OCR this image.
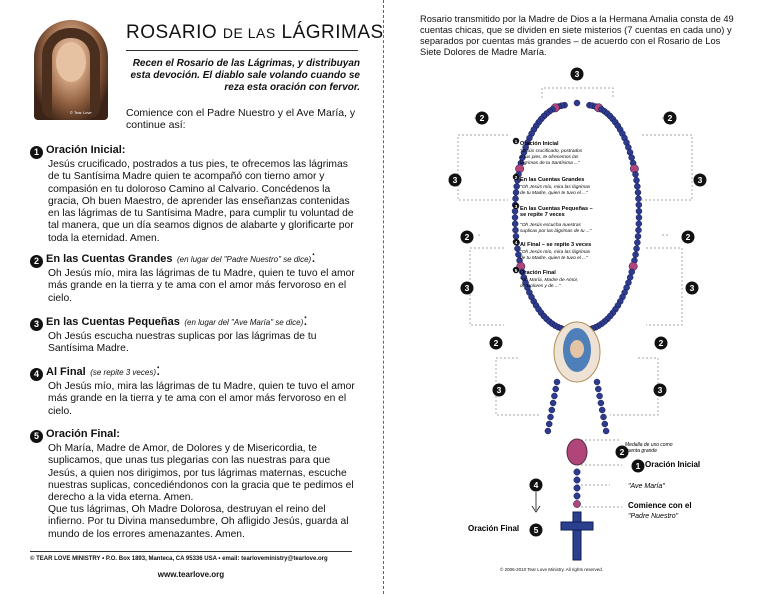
© Tear Love
ROSARIO DE LAS LÁGRIMAS
Recen el Rosario de las Lágrimas, y distribuyan esta devoción. El diablo sale volando cuando se reza esta oración con fervor.
Comience con el Padre Nuestro y el Ave María, y continue así:
1 Oración Inicial:
Jesús crucificado, postrados a tus pies, te ofrecemos las lágrimas de tu Santísima Madre quien te acompañó con tierno amor y compasión en tu doloroso Camino al Calvario. Concédenos la gracia, Oh buen Maestro, de aprender las enseñanzas contenidas en las lágrimas de tu Santísima Madre, para cumplir tu voluntad de tal manera, que un día seamos dignos de alabarte y glorificarte por toda la eternidad. Amen.
2 En las Cuentas Grandes (en lugar del "Padre Nuestro" se dice):
Oh Jesús mío, mira las lágrimas de tu Madre, quien te tuvo el amor más grande en la tierra y te ama con el amor más fervoroso en el cielo.
3 En las Cuentas Pequeñas (en lugar del "Ave María" se dice):
Oh Jesús escucha nuestras suplicas por las lágrimas de tu Santísima Madre.
4 Al Final (se repite 3 veces):
Oh Jesús mío, mira las lágrimas de tu Madre, quien te tuvo el amor más grande en la tierra y te ama con el amor más fervoroso en el cielo.
5 Oración Final:
Oh María, Madre de Amor, de Dolores y de Misericordia, te suplicamos, que unas tus plegarias con las nuestras para que Jesús, a quien nos dirigimos, por tus lágrimas maternas, escuche nuestras suplicas, concediéndonos con la gracia que te pedimos el derecho a la vida eterna. Amen.
Que tus lágrimas, Oh Madre Dolorosa, destruyan el reino del infierno. Por tu Divina mansedumbre, Oh afligido Jesús, guarda al mundo de los errores amenazantes. Amen.
© TEAR LOVE MINISTRY • P.O. Box 1893, Manteca, CA 95336 USA • email: tearloveministry@tearlove.org
www.tearlove.org
Rosario transmitido por la Madre de Dios a la Hermana Amalia consta de 49 cuentas chicas, que se dividen en siete misterios (7 cuentas en cada uno) y separados por cuentas más grandes – de acuerdo con el Rosario de Los Siete Dolores de Madre María.
3
2	2
3	3
2	2
3	3
2	2
3	3
2
1
4
5
1
2
3
4
5
Oración Inicial
"Jesús crucificado, postrados a tus pies, te ofrecemos las lágrimas de tu Santísima ..."
En las Cuentas Grandes
"Oh Jesús mío, mira las lágrimas de tu Madre, quien te tuvo el ..."
En las Cuentas Pequeñas – se repite 7 veces
"Oh Jesús escucha nuestras suplicas por las lágrimas de tu ..."
Al Final – se repite 3 veces
"Oh Jesús mío, mira las lágrimas de tu Madre, quien te tuvo el ..."
Oración Final
"Oh María, Madre de Amor, de Dolores y de ..."
Medalla de uso como cuenta grande
Oración Inicial
"Ave María"
Comience con el
"Padre Nuestro"
Oración Final
© 2006-2010 Tear Love Ministry. All rights reserved.
